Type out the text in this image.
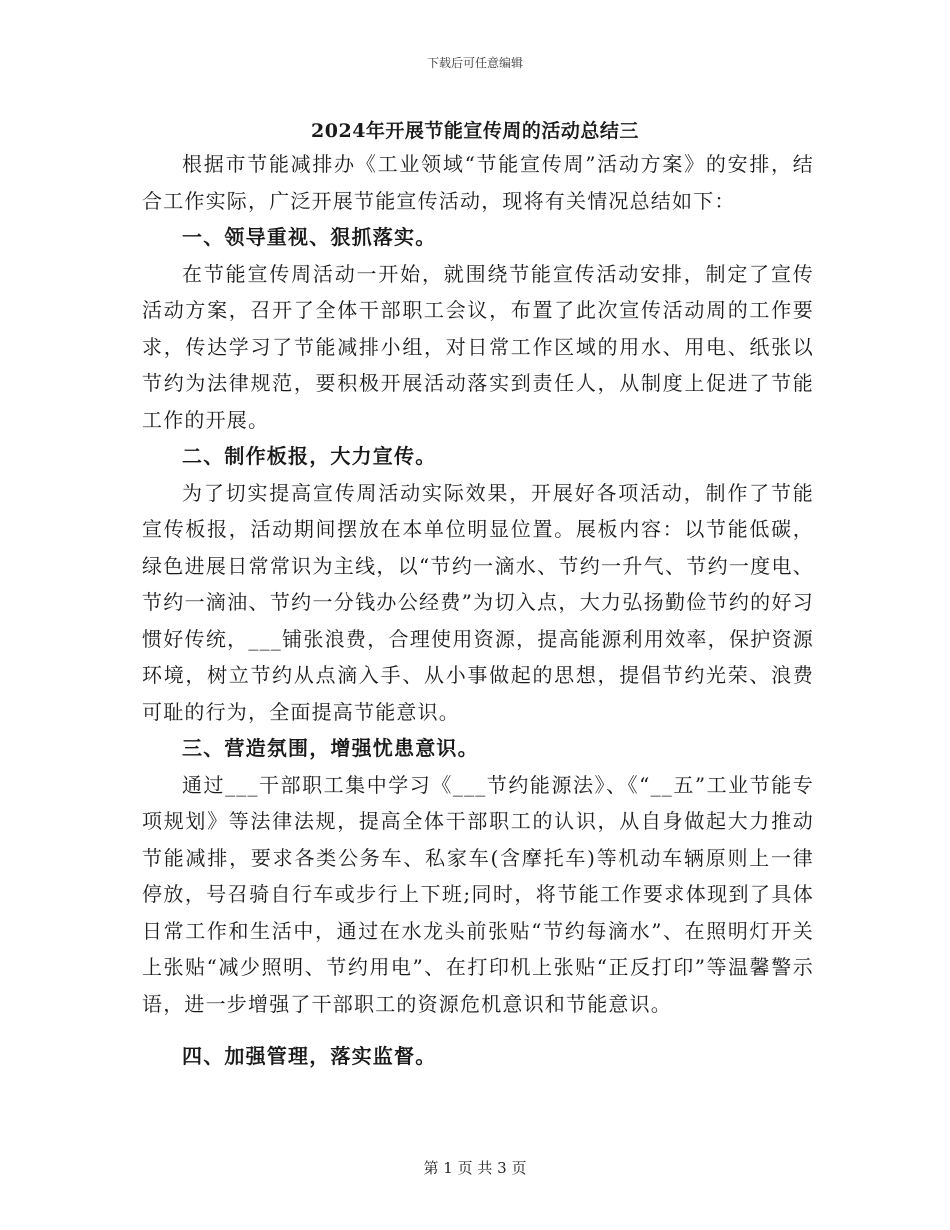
下载后可任意编辑
2024年开展节能宣传周的活动总结三

根据市节能减排办《工业领域“节能宣传周”活动方案》的安排，结合工作实际，广泛开展节能宣传活动，现将有关情况总结如下：

一、领导重视、狠抓落实。

在节能宣传周活动一开始，就围绕节能宣传活动安排，制定了宣传活动方案，召开了全体干部职工会议，布置了此次宣传活动周的工作要求，传达学习了节能减排小组，对日常工作区域的用水、用电、纸张以节约为法律规范，要积极开展活动落实到责任人，从制度上促进了节能工作的开展。

二、制作板报，大力宣传。

为了切实提高宣传周活动实际效果，开展好各项活动，制作了节能宣传板报，活动期间摆放在本单位明显位置。展板内容：以节能低碳，绿色进展日常常识为主线，以“节约一滴水、节约一升气、节约一度电、节约一滴油、节约一分钱办公经费”为切入点，大力弘扬勤俭节约的好习惯好传统，___铺张浪费，合理使用资源，提高能源利用效率，保护资源环境，树立节约从点滴入手、从小事做起的思想，提倡节约光荣、浪费可耻的行为，全面提高节能意识。

三、营造氛围，增强忧患意识。

通过___干部职工集中学习《___节约能源法》、《“__五”工业节能专项规划》等法律法规，提高全体干部职工的认识，从自身做起大力推动节能减排，要求各类公务车、私家车(含摩托车)等机动车辆原则上一律停放，号召骑自行车或步行上下班;同时，将节能工作要求体现到了具体日常工作和生活中，通过在水龙头前张贴“节约每滴水”、在照明灯开关上张贴“减少照明、节约用电”、在打印机上张贴“正反打印”等温馨警示语，进一步增强了干部职工的资源危机意识和节能意识。

四、加强管理，落实监督。

第 1 页 共 3 页
